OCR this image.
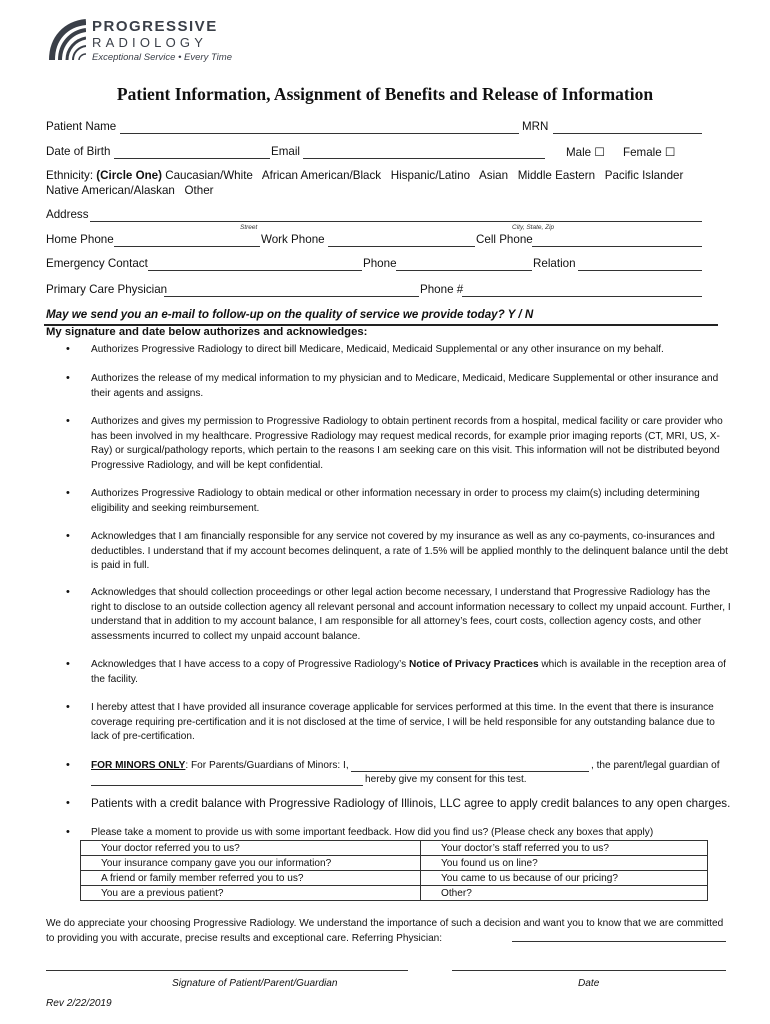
PROGRESSIVE
RADIOLOGY
Exceptional Service • Every Time
Patient Information, Assignment of Benefits and Release of Information
Patient Name	MRN
Date of Birth	Email	Male ☐ Female ☐
Ethnicity: (Circle One) Caucasian/White   African American/Black   Hispanic/Latino   Asian   Middle Eastern   Pacific Islander
Native American/Alaskan   Other
Address
Street	City, State, Zip
Home Phone	Work Phone	Cell Phone
Emergency Contact	Phone	Relation
Primary Care Physician	Phone #
May we send you an e-mail to follow-up on the quality of service we provide today? Y / N
My signature and date below authorizes and acknowledges:
• Authorizes Progressive Radiology to direct bill Medicare, Medicaid, Medicaid Supplemental or any other insurance on my behalf.
• Authorizes the release of my medical information to my physician and to Medicare, Medicaid, Medicare Supplemental or other insurance and their agents and assigns.
• Authorizes and gives my permission to Progressive Radiology to obtain pertinent records from a hospital, medical facility or care provider who has been involved in my healthcare. Progressive Radiology may request medical records, for example prior imaging reports (CT, MRI, US, X-Ray) or surgical/pathology reports, which pertain to the reasons I am seeking care on this visit. This information will not be distributed beyond Progressive Radiology, and will be kept confidential.
• Authorizes Progressive Radiology to obtain medical or other information necessary in order to process my claim(s) including determining eligibility and seeking reimbursement.
• Acknowledges that I am financially responsible for any service not covered by my insurance as well as any co-payments, co-insurances and deductibles. I understand that if my account becomes delinquent, a rate of 1.5% will be applied monthly to the delinquent balance until the debt is paid in full.
• Acknowledges that should collection proceedings or other legal action become necessary, I understand that Progressive Radiology has the right to disclose to an outside collection agency all relevant personal and account information necessary to collect my unpaid account. Further, I understand that in addition to my account balance, I am responsible for all attorney’s fees, court costs, collection agency costs, and other assessments incurred to collect my unpaid account balance.
• Acknowledges that I have access to a copy of Progressive Radiology’s Notice of Privacy Practices which is available in the reception area of the facility.
• I hereby attest that I have provided all insurance coverage applicable for services performed at this time. In the event that there is insurance coverage requiring pre-certification and it is not disclosed at the time of service, I will be held responsible for any outstanding balance due to lack of pre-certification.
• FOR MINORS ONLY: For Parents/Guardians of Minors: I,	, the parent/legal guardian of
hereby give my consent for this test.
• Patients with a credit balance with Progressive Radiology of Illinois, LLC agree to apply credit balances to any open charges.
• Please take a moment to provide us with some important feedback. How did you find us? (Please check any boxes that apply)
Your doctor referred you to us?	Your doctor’s staff referred you to us?
Your insurance company gave you our information?	You found us on line?
A friend or family member referred you to us?	You came to us because of our pricing?
You are a previous patient?	Other?
We do appreciate your choosing Progressive Radiology. We understand the importance of such a decision and want you to know that we are committed to providing you with accurate, precise results and exceptional care. Referring Physician:
Signature of Patient/Parent/Guardian	Date
Rev 2/22/2019
